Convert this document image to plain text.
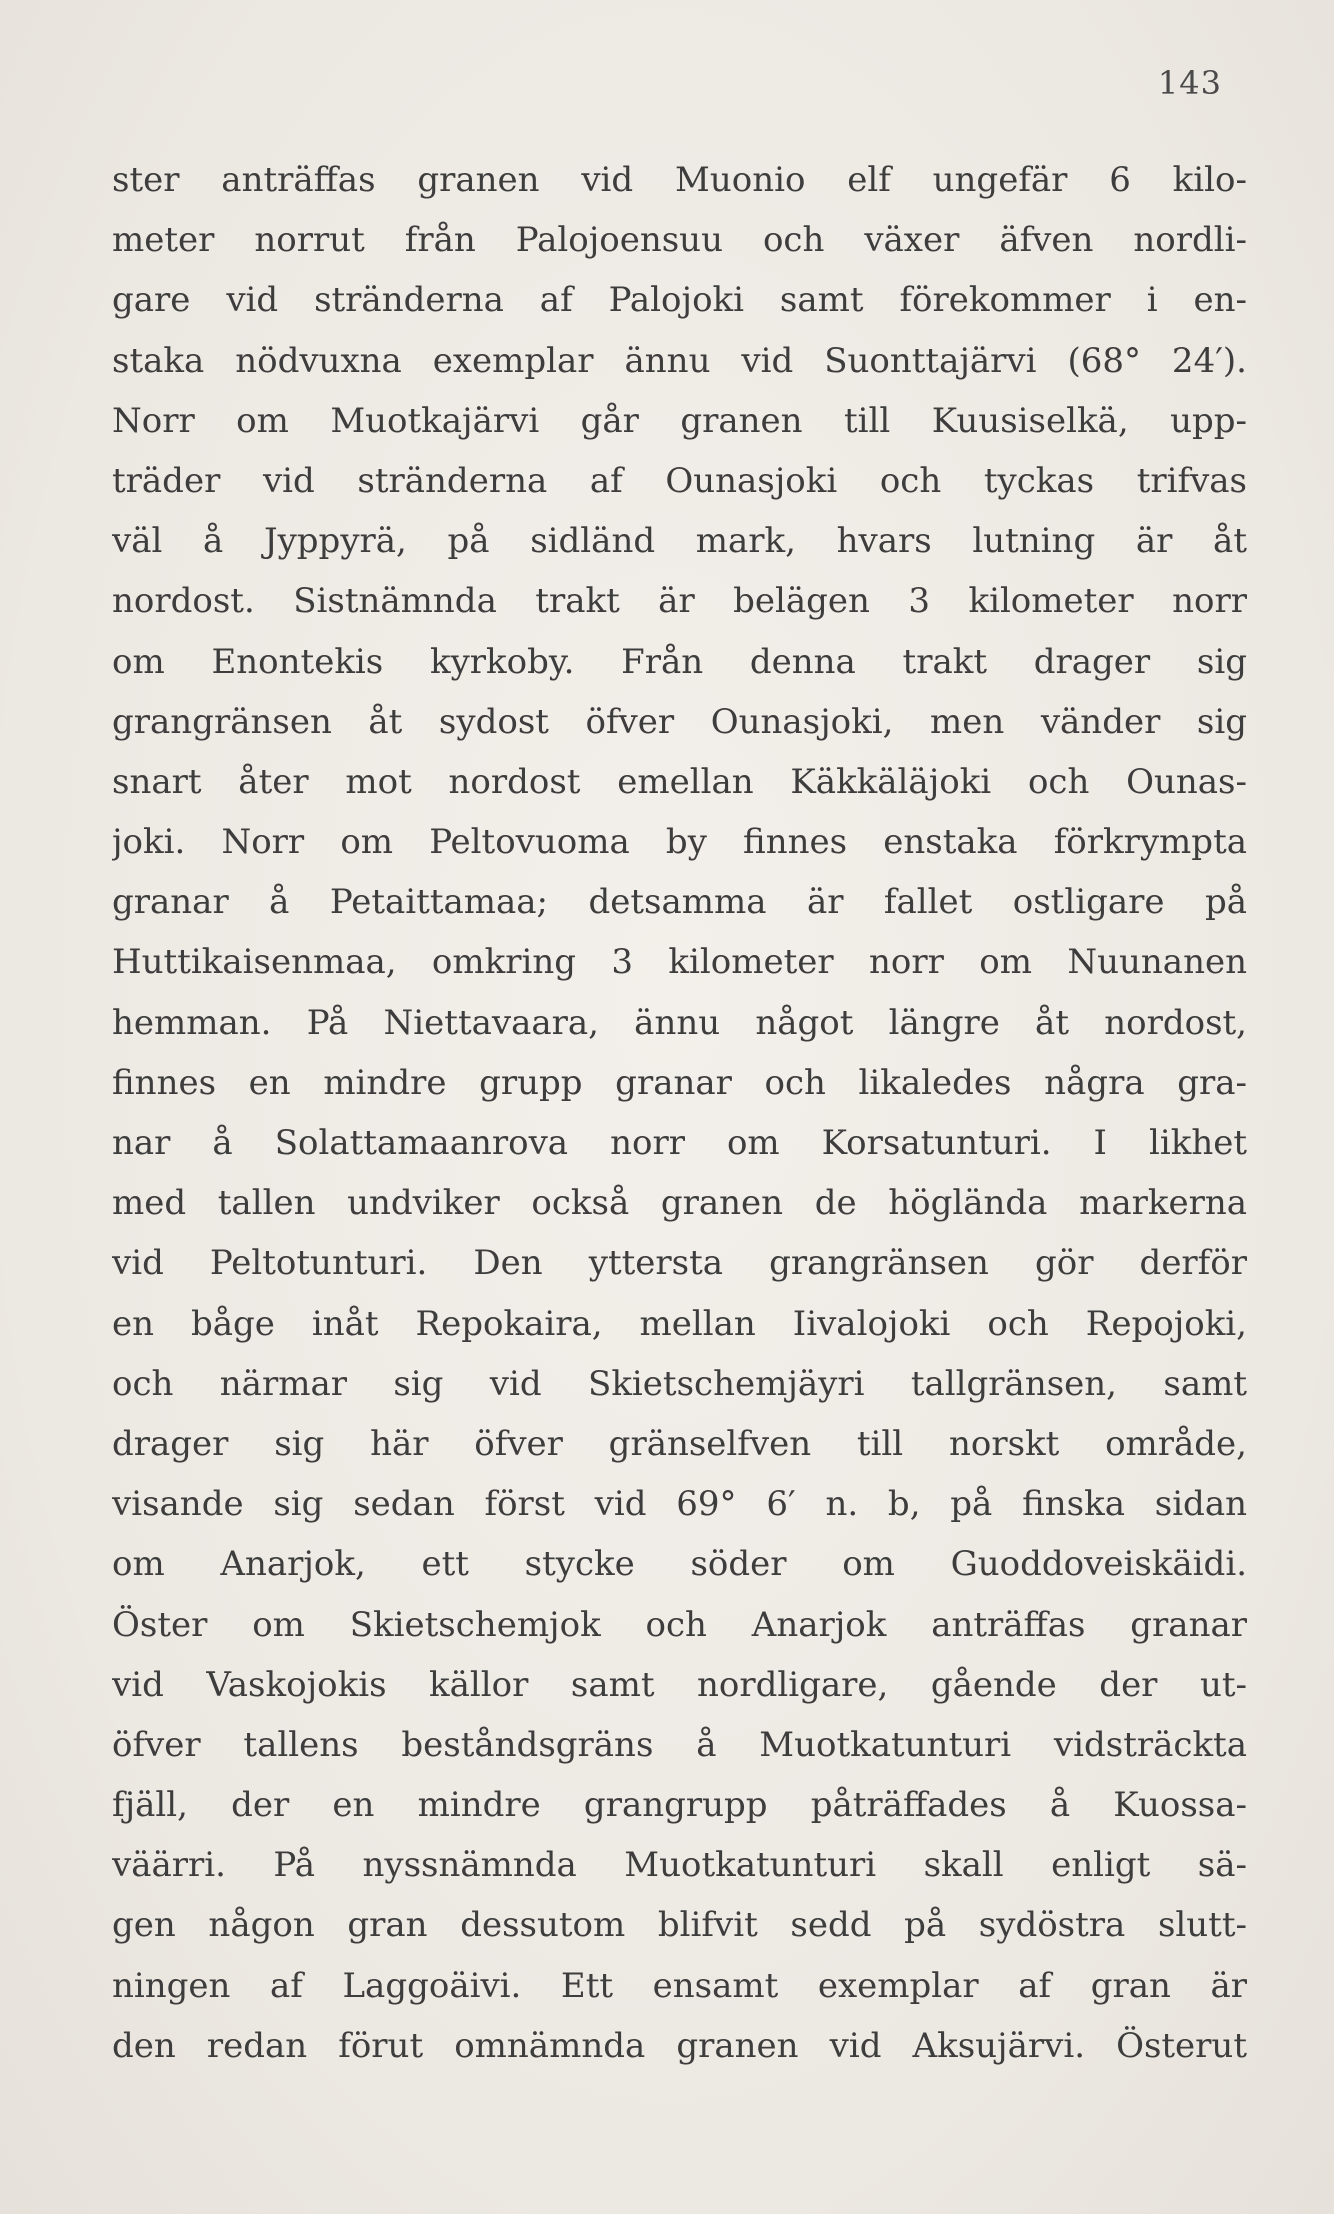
143
ster anträffas granen vid Muonio elf ungefär 6 kilo-
meter norrut från Palojoensuu och växer äfven nordli-
gare vid stränderna af Palojoki samt förekommer i en-
staka nödvuxna exemplar ännu vid Suonttajärvi (68° 24′).
Norr om Muotkajärvi går granen till Kuusiselkä, upp-
träder vid stränderna af Ounasjoki och tyckas trifvas
väl å Jyppyrä, på sidländ mark, hvars lutning är åt
nordost. Sistnämnda trakt är belägen 3 kilometer norr
om Enontekis kyrkoby. Från denna trakt drager sig
grangränsen åt sydost öfver Ounasjoki, men vänder sig
snart åter mot nordost emellan Käkkäläjoki och Ounas-
joki. Norr om Peltovuoma by finnes enstaka förkrympta
granar å Petaittamaa; detsamma är fallet ostligare på
Huttikaisenmaa, omkring 3 kilometer norr om Nuunanen
hemman. På Niettavaara, ännu något längre åt nordost,
finnes en mindre grupp granar och likaledes några gra-
nar å Solattamaanrova norr om Korsatunturi. I likhet
med tallen undviker också granen de höglända markerna
vid Peltotunturi. Den yttersta grangränsen gör derför
en båge inåt Repokaira, mellan Iivalojoki och Repojoki,
och närmar sig vid Skietschemjäyri tallgränsen, samt
drager sig här öfver gränselfven till norskt område,
visande sig sedan först vid 69° 6′ n. b, på finska sidan
om Anarjok, ett stycke söder om Guoddoveiskäidi.
Öster om Skietschemjok och Anarjok anträffas granar
vid Vaskojokis källor samt nordligare, gående der ut-
öfver tallens beståndsgräns å Muotkatunturi vidsträckta
fjäll, der en mindre grangrupp påträffades å Kuossa-
väärri. På nyssnämnda Muotkatunturi skall enligt sä-
gen någon gran dessutom blifvit sedd på sydöstra slutt-
ningen af Laggoäivi. Ett ensamt exemplar af gran är
den redan förut omnämnda granen vid Aksujärvi. Österut
